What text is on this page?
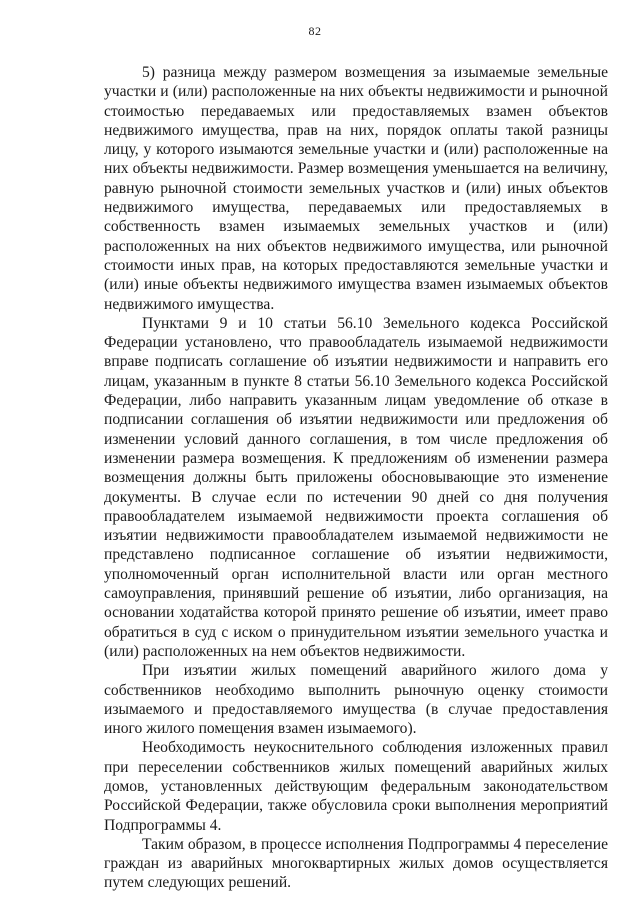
82

5) разница между размером возмещения за изымаемые земельные участки и (или) расположенные на них объекты недвижимости и рыночной стоимостью передаваемых или предоставляемых взамен объектов недвижимого имущества, прав на них, порядок оплаты такой разницы лицу, у которого изымаются земельные участки и (или) расположенные на них объекты недвижимости. Размер возмещения уменьшается на величину, равную рыночной стоимости земельных участков и (или) иных объектов недвижимого имущества, передаваемых или предоставляемых в собственность взамен изымаемых земельных участков и (или) расположенных на них объектов недвижимого имущества, или рыночной стоимости иных прав, на которых предоставляются земельные участки и (или) иные объекты недвижимого имущества взамен изымаемых объектов недвижимого имущества.

Пунктами 9 и 10 статьи 56.10 Земельного кодекса Российской Федерации установлено, что правообладатель изымаемой недвижимости вправе подписать соглашение об изъятии недвижимости и направить его лицам, указанным в пункте 8 статьи 56.10 Земельного кодекса Российской Федерации, либо направить указанным лицам уведомление об отказе в подписании соглашения об изъятии недвижимости или предложения об изменении условий данного соглашения, в том числе предложения об изменении размера возмещения. К предложениям об изменении размера возмещения должны быть приложены обосновывающие это изменение документы. В случае если по истечении 90 дней со дня получения правообладателем изымаемой недвижимости проекта соглашения об изъятии недвижимости правообладателем изымаемой недвижимости не представлено подписанное соглашение об изъятии недвижимости, уполномоченный орган исполнительной власти или орган местного самоуправления, принявший решение об изъятии, либо организация, на основании ходатайства которой принято решение об изъятии, имеет право обратиться в суд с иском о принудительном изъятии земельного участка и (или) расположенных на нем объектов недвижимости.

При изъятии жилых помещений аварийного жилого дома у собственников необходимо выполнить рыночную оценку стоимости изымаемого и предоставляемого имущества (в случае предоставления иного жилого помещения взамен изымаемого).

Необходимость неукоснительного соблюдения изложенных правил при переселении собственников жилых помещений аварийных жилых домов, установленных действующим федеральным законодательством Российской Федерации, также обусловила сроки выполнения мероприятий Подпрограммы 4.

Таким образом, в процессе исполнения Подпрограммы 4 переселение граждан из аварийных многоквартирных жилых домов осуществляется путем следующих решений.
